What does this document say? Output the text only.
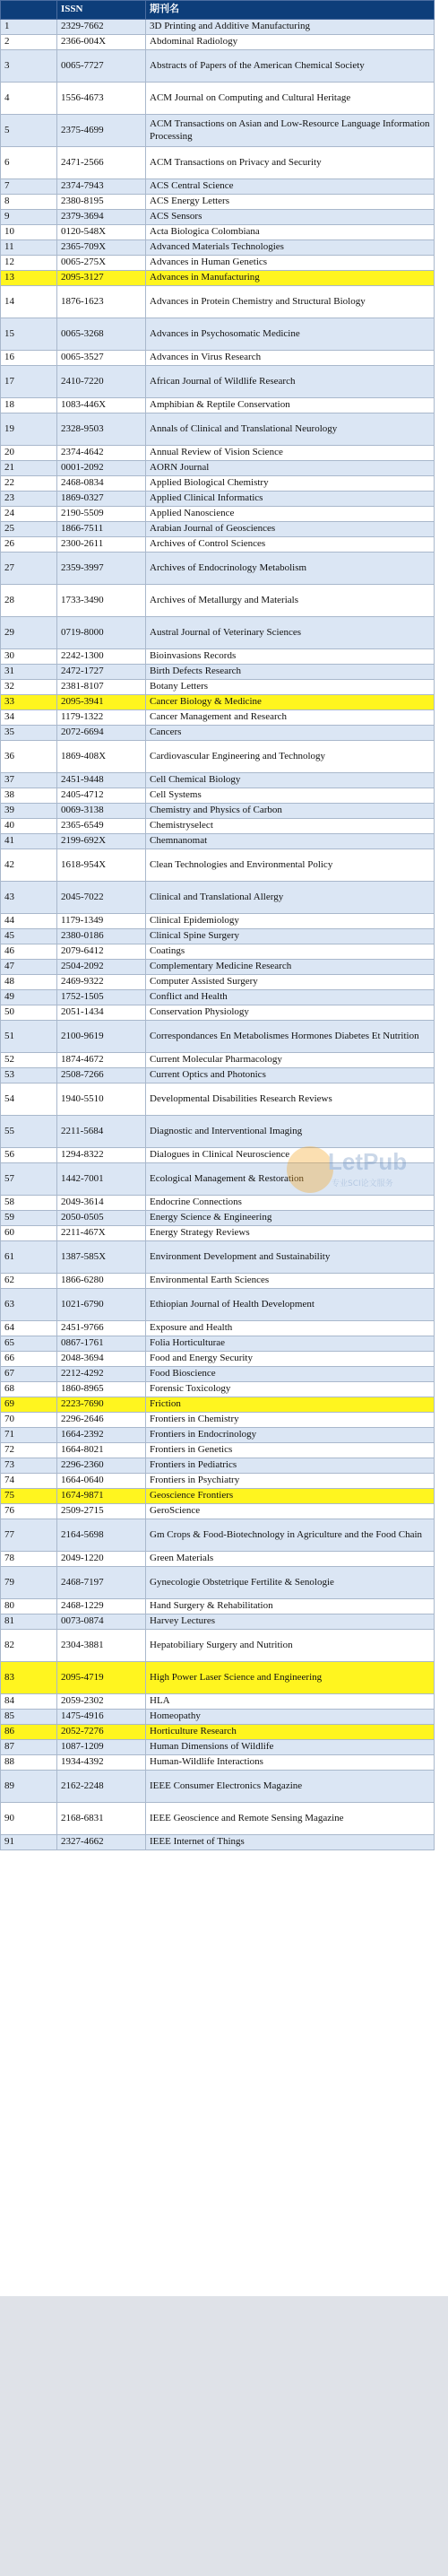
	ISSN	期刊名
1	2329-7662	3D Printing and Additive Manufacturing
2	2366-004X	Abdominal Radiology
3	0065-7727	Abstracts of Papers of the American Chemical Society
4	1556-4673	ACM Journal on Computing and Cultural Heritage
5	2375-4699	ACM Transactions on Asian and Low-Resource Language Information Processing
6	2471-2566	ACM Transactions on Privacy and Security
7	2374-7943	ACS Central Science
8	2380-8195	ACS Energy Letters
9	2379-3694	ACS Sensors
10	0120-548X	Acta Biologica Colombiana
11	2365-709X	Advanced Materials Technologies
12	0065-275X	Advances in Human Genetics
13	2095-3127	Advances in Manufacturing
14	1876-1623	Advances in Protein Chemistry and Structural Biology
15	0065-3268	Advances in Psychosomatic Medicine
16	0065-3527	Advances in Virus Research
17	2410-7220	African Journal of Wildlife Research
18	1083-446X	Amphibian & Reptile Conservation
19	2328-9503	Annals of Clinical and Translational Neurology
20	2374-4642	Annual Review of Vision Science
21	0001-2092	AORN Journal
22	2468-0834	Applied Biological Chemistry
23	1869-0327	Applied Clinical Informatics
24	2190-5509	Applied Nanoscience
25	1866-7511	Arabian Journal of Geosciences
26	2300-2611	Archives of Control Sciences
27	2359-3997	Archives of Endocrinology Metabolism
28	1733-3490	Archives of Metallurgy and Materials
29	0719-8000	Austral Journal of Veterinary Sciences
30	2242-1300	Bioinvasions Records
31	2472-1727	Birth Defects Research
32	2381-8107	Botany Letters
33	2095-3941	Cancer Biology & Medicine
34	1179-1322	Cancer Management and Research
35	2072-6694	Cancers
36	1869-408X	Cardiovascular Engineering and Technology
37	2451-9448	Cell Chemical Biology
38	2405-4712	Cell Systems
39	0069-3138	Chemistry and Physics of Carbon
40	2365-6549	Chemistryselect
41	2199-692X	Chemnanomat
42	1618-954X	Clean Technologies and Environmental Policy
43	2045-7022	Clinical and Translational Allergy
44	1179-1349	Clinical Epidemiology
45	2380-0186	Clinical Spine Surgery
46	2079-6412	Coatings
47	2504-2092	Complementary Medicine Research
48	2469-9322	Computer Assisted Surgery
49	1752-1505	Conflict and Health
50	2051-1434	Conservation Physiology
51	2100-9619	Correspondances En Metabolismes Hormones Diabetes Et Nutrition
52	1874-4672	Current Molecular Pharmacology
53	2508-7266	Current Optics and Photonics
54	1940-5510	Developmental Disabilities Research Reviews
55	2211-5684	Diagnostic and Interventional Imaging
56	1294-8322	Dialogues in Clinical Neuroscience
57	1442-7001	Ecological Management & Restoration
58	2049-3614	Endocrine Connections
59	2050-0505	Energy Science & Engineering
60	2211-467X	Energy Strategy Reviews
61	1387-585X	Environment Development and Sustainability
62	1866-6280	Environmental Earth Sciences
63	1021-6790	Ethiopian Journal of Health Development
64	2451-9766	Exposure and Health
65	0867-1761	Folia Horticulturae
66	2048-3694	Food and Energy Security
67	2212-4292	Food Bioscience
68	1860-8965	Forensic Toxicology
69	2223-7690	Friction
70	2296-2646	Frontiers in Chemistry
71	1664-2392	Frontiers in Endocrinology
72	1664-8021	Frontiers in Genetics
73	2296-2360	Frontiers in Pediatrics
74	1664-0640	Frontiers in Psychiatry
75	1674-9871	Geoscience Frontiers
76	2509-2715	GeroScience
77	2164-5698	Gm Crops & Food-Biotechnology in Agriculture and the Food Chain
78	2049-1220	Green Materials
79	2468-7197	Gynecologie Obstetrique Fertilite & Senologie
80	2468-1229	Hand Surgery & Rehabilitation
81	0073-0874	Harvey Lectures
82	2304-3881	Hepatobiliary Surgery and Nutrition
83	2095-4719	High Power Laser Science and Engineering
84	2059-2302	HLA
85	1475-4916	Homeopathy
86	2052-7276	Horticulture Research
87	1087-1209	Human Dimensions of Wildlife
88	1934-4392	Human-Wildlife Interactions
89	2162-2248	IEEE Consumer Electronics Magazine
90	2168-6831	IEEE Geoscience and Remote Sensing Magazine
91	2327-4662	IEEE Internet of Things
LetPub
专业SCI论文服务
